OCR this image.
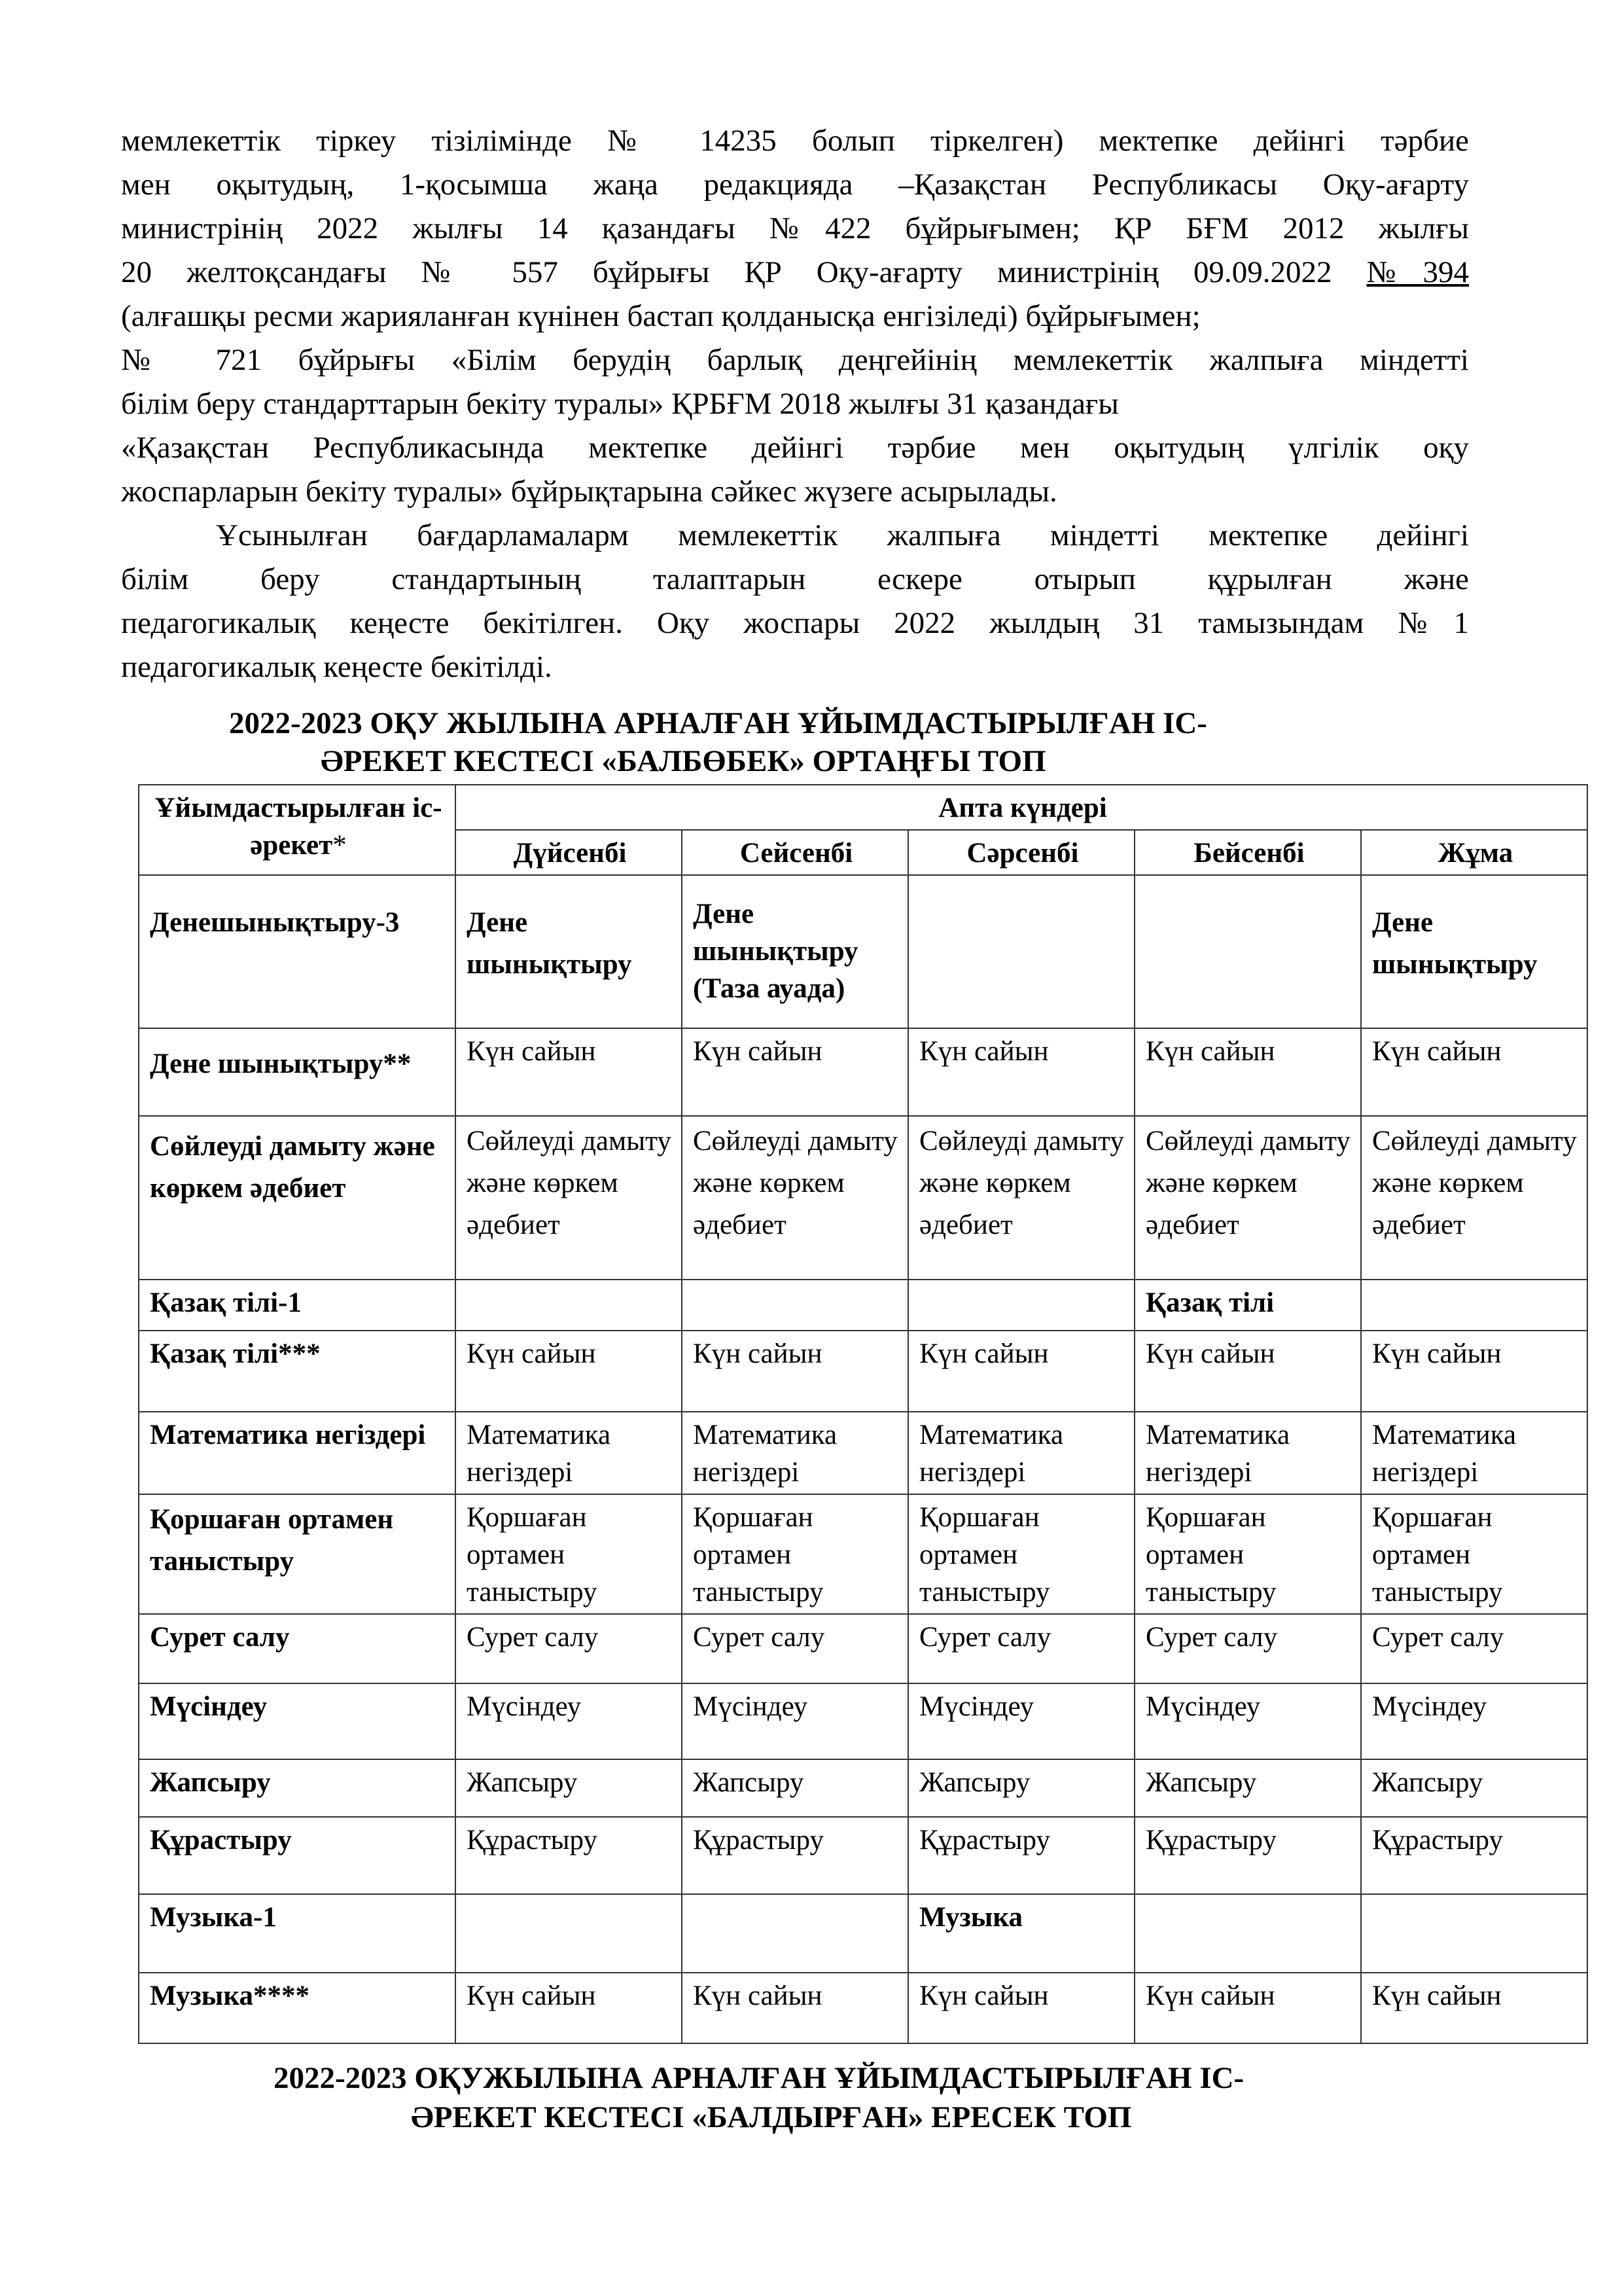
мемлекеттік тіркеу тізілімінде № 14235 болып тіркелген) мектепке дейінгі тәрбие
мен оқытудың, 1-қосымша жаңа редакцияда –Қазақстан Республикасы Оқу-ағарту
министрінің 2022 жылғы 14 қазандағы №422 бұйрығымен; ҚР БҒМ 2012 жылғы
20 желтоқсандағы № 557 бұйрығы ҚР Оқу-ағарту министрінің 09.09.2022 №394
(алғашқы ресми жарияланған күнінен бастап қолданысқа енгізіледі) бұйрығымен;
№ 721 бұйрығы «Білім берудің барлық деңгейінің мемлекеттік жалпыға міндетті
білім беру стандарттарын бекіту туралы» ҚРБҒМ 2018 жылғы 31 қазандағы
«Қазақстан Республикасында мектепке дейінгі тәрбие мен оқытудың үлгілік оқу
жоспарларын бекіту туралы» бұйрықтарына сәйкес жүзеге асырылады.
Ұсынылған бағдарламаларм мемлекеттік жалпыға міндетті мектепке дейінгі
білім беру стандартының талаптарын ескере отырып құрылған және
педагогикалық кеңесте бекітілген. Оқу жоспары 2022 жылдың 31 тамызындам №1
педагогикалық кеңесте бекітілді.
2022-2023 ОҚУ ЖЫЛЫНА АРНАЛҒАН ҰЙЫМДАСТЫРЫЛҒАН ІС-
ӘРЕКЕТ КЕСТЕСІ «БАЛБӨБЕК» ОРТАҢҒЫ ТОП
Ұйымдастырылған іс-әрекет*	Апта күндері				
	Дүйсенбі	Сейсенбі	Сәрсенбі	Бейсенбі	Жұма
Денешынықтыру-3	Дене шынықтыру	Дене шынықтыру (Таза ауада)			Дене шынықтыру
Дене шынықтыру**	Күн сайын	Күн сайын	Күн сайын	Күн сайын	Күн сайын
Сөйлеуді дамыту және көркем әдебиет	Сөйлеуді дамыту және көркем әдебиет	Сөйлеуді дамыту және көркем әдебиет	Сөйлеуді дамыту және көркем әдебиет	Сөйлеуді дамыту және көркем әдебиет	Сөйлеуді дамыту және көркем әдебиет
Қазақ тілі-1				Қазақ тілі	
Қазақ тілі***	Күн сайын	Күн сайын	Күн сайын	Күн сайын	Күн сайын
Математика негіздері	Математика негіздері	Математика негіздері	Математика негіздері	Математика негіздері	Математика негіздері
Қоршаған ортамен таныстыру	Қоршаған ортамен таныстыру	Қоршаған ортамен таныстыру	Қоршаған ортамен таныстыру	Қоршаған ортамен таныстыру	Қоршаған ортамен таныстыру
Сурет салу	Сурет салу	Сурет салу	Сурет салу	Сурет салу	Сурет салу
Мүсіндеу	Мүсіндеу	Мүсіндеу	Мүсіндеу	Мүсіндеу	Мүсіндеу
Жапсыру	Жапсыру	Жапсыру	Жапсыру	Жапсыру	Жапсыру
Құрастыру	Құрастыру	Құрастыру	Құрастыру	Құрастыру	Құрастыру
Музыка-1			Музыка		
Музыка****	Күн сайын	Күн сайын	Күн сайын	Күн сайын	Күн сайын
2022-2023 ОҚУЖЫЛЫНА АРНАЛҒАН ҰЙЫМДАСТЫРЫЛҒАН ІС-
ӘРЕКЕТ КЕСТЕСІ «БАЛДЫРҒАН» ЕРЕСЕК ТОП
